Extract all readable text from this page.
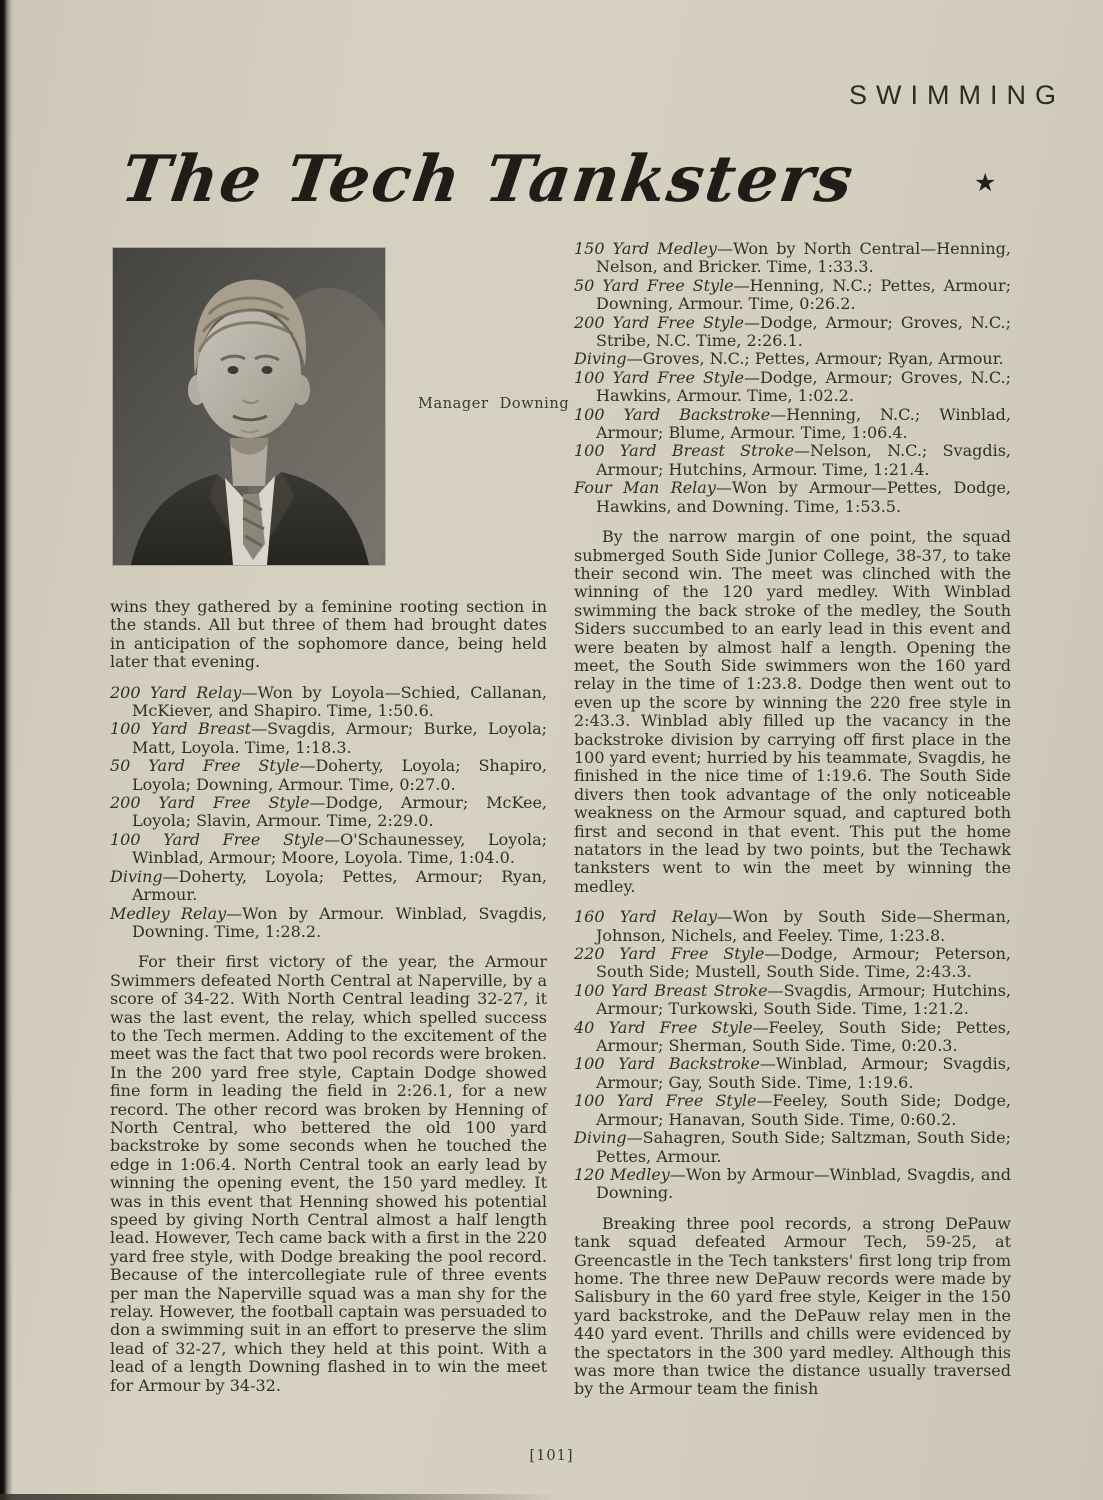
SWIMMING
The Tech Tanksters	★
Manager Downing

wins they gathered by a feminine rooting section in the stands. All but three of them had brought dates in anticipation of the sophomore dance, being held later that evening.

200 Yard Relay—Won by Loyola—Schied, Callanan, McKiever, and Shapiro. Time, 1:50.6.

100 Yard Breast—Svagdis, Armour; Burke, Loyola; Matt, Loyola. Time, 1:18.3.

50 Yard Free Style—Doherty, Loyola; Shapiro, Loyola; Downing, Armour. Time, 0:27.0.

200 Yard Free Style—Dodge, Armour; McKee, Loyola; Slavin, Armour. Time, 2:29.0.

100 Yard Free Style—O'Schaunessey, Loyola; Winblad, Armour; Moore, Loyola. Time, 1:04.0.

Diving—Doherty, Loyola; Pettes, Armour; Ryan, Armour.

Medley Relay—Won by Armour. Winblad, Svagdis, Downing. Time, 1:28.2.

For their first victory of the year, the Armour Swimmers defeated North Central at Naperville, by a score of 34-22. With North Central leading 32-27, it was the last event, the relay, which spelled success to the Tech mermen. Adding to the excitement of the meet was the fact that two pool records were broken. In the 200 yard free style, Captain Dodge showed fine form in leading the field in 2:26.1, for a new record. The other record was broken by Henning of North Central, who bettered the old 100 yard backstroke by some seconds when he touched the edge in 1:06.4. North Central took an early lead by winning the opening event, the 150 yard medley. It was in this event that Henning showed his potential speed by giving North Central almost a half length lead. However, Tech came back with a first in the 220 yard free style, with Dodge breaking the pool record. Because of the intercollegiate rule of three events per man the Naperville squad was a man shy for the relay. However, the football captain was persuaded to don a swimming suit in an effort to preserve the slim lead of 32-27, which they held at this point. With a lead of a length Downing flashed in to win the meet for Armour by 34-32.

150 Yard Medley—Won by North Central—Henning, Nelson, and Bricker. Time, 1:33.3.

50 Yard Free Style—Henning, N.C.; Pettes, Armour; Downing, Armour. Time, 0:26.2.

200 Yard Free Style—Dodge, Armour; Groves, N.C.; Stribe, N.C. Time, 2:26.1.

Diving—Groves, N.C.; Pettes, Armour; Ryan, Armour.

100 Yard Free Style—Dodge, Armour; Groves, N.C.; Hawkins, Armour. Time, 1:02.2.

100 Yard Backstroke—Henning, N.C.; Winblad, Armour; Blume, Armour. Time, 1:06.4.

100 Yard Breast Stroke—Nelson, N.C.; Svagdis, Armour; Hutchins, Armour. Time, 1:21.4.

Four Man Relay—Won by Armour—Pettes, Dodge, Hawkins, and Downing. Time, 1:53.5.

By the narrow margin of one point, the squad submerged South Side Junior College, 38-37, to take their second win. The meet was clinched with the winning of the 120 yard medley. With Winblad swimming the back stroke of the medley, the South Siders succumbed to an early lead in this event and were beaten by almost half a length. Opening the meet, the South Side swimmers won the 160 yard relay in the time of 1:23.8. Dodge then went out to even up the score by winning the 220 free style in 2:43.3. Winblad ably filled up the vacancy in the backstroke division by carrying off first place in the 100 yard event; hurried by his teammate, Svagdis, he finished in the nice time of 1:19.6. The South Side divers then took advantage of the only noticeable weakness on the Armour squad, and captured both first and second in that event. This put the home natators in the lead by two points, but the Techawk tanksters went to win the meet by winning the medley.

160 Yard Relay—Won by South Side—Sherman, Johnson, Nichels, and Feeley. Time, 1:23.8.

220 Yard Free Style—Dodge, Armour; Peterson, South Side; Mustell, South Side. Time, 2:43.3.

100 Yard Breast Stroke—Svagdis, Armour; Hutchins, Armour; Turkowski, South Side. Time, 1:21.2.

40 Yard Free Style—Feeley, South Side; Pettes, Armour; Sherman, South Side. Time, 0:20.3.

100 Yard Backstroke—Winblad, Armour; Svagdis, Armour; Gay, South Side. Time, 1:19.6.

100 Yard Free Style—Feeley, South Side; Dodge, Armour; Hanavan, South Side. Time, 0:60.2.

Diving—Sahagren, South Side; Saltzman, South Side; Pettes, Armour.

120 Medley—Won by Armour—Winblad, Svagdis, and Downing.

Breaking three pool records, a strong DePauw tank squad defeated Armour Tech, 59-25, at Greencastle in the Tech tanksters' first long trip from home. The three new DePauw records were made by Salisbury in the 60 yard free style, Keiger in the 150 yard backstroke, and the DePauw relay men in the 440 yard event. Thrills and chills were evidenced by the spectators in the 300 yard medley. Although this was more than twice the distance usually traversed by the Armour team the finish

[101]
